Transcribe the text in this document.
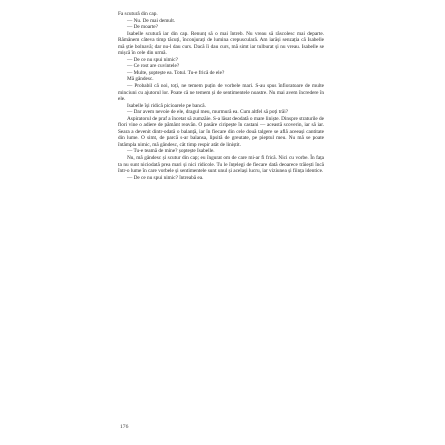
Fa scutură din cap.

— Nu. De mai demult.

— De moarte?

Isabelle scutură iar din cap. Renunț să o mai întreb. Nu vreau să răscolesc mai departe. Rămânem câteva timp tăcuți, înconjurați de lumina crepusculară. Am iarăși senzația că Isabelle mă știe bolnavă; dar nu-l dau curs. Dacă îi dau curs, mă simt iar tulburat și nu vreau. Isabelle se mișcă în cele din urmă.

— De ce nu spui nimic?

— Ce rost are cuvintele?

— Multe, șoptește ea. Totul. Tu-e frică de ele?

Mă gândesc.

— Probabil că noi, toți, ne temem puțin de vorbele mari. S-au spus înfioratoare de multe minciuni cu ajutorul lor. Poate că ne temem și de sentimentele noastre. Nu mai avem încredere în ele.

Isabelle își ridică picioarele pe bancă.

— Dar avem nevoie de ele, dragul meu, murmură ea. Cum altfel să poți trăi?

Aspiratorul de praf a încetat să zumzăie. S-a lăsat deodată o mare liniște. Dinspre straturile de flori vine o adiere de pământ reavăn. O pasăre ciripește în castani — această scoverin, iar să iar. Seara a devenit dintr-odată o balanță, iar în fiecare din cele două talgere se află aceeași cantitate din lume. O simt, de parcă s-ar balansa, lipsită de greutate, pe pieptul meu. Nu mă se poate întâmpla nimic, mă gândesc, cât timp respir atât de liniștit.

— Tu-e teamă de mine? șoptește Isabelle.

Nu, mă gândesc și scutur din cap; eu îngurat om de care mi-ar fi frică. Nici cu vorbe. În fața ta nu sunt niciodată prea mari și nici ridicole. Tu le înțelegi de fiecare dată deoarece trăiești încă într-o lume în care vorbele și sentimentele sunt unul și același lucru, iar viziunea și ființa identice.

— De ce nu spui nimic? întreabă ea.

176
